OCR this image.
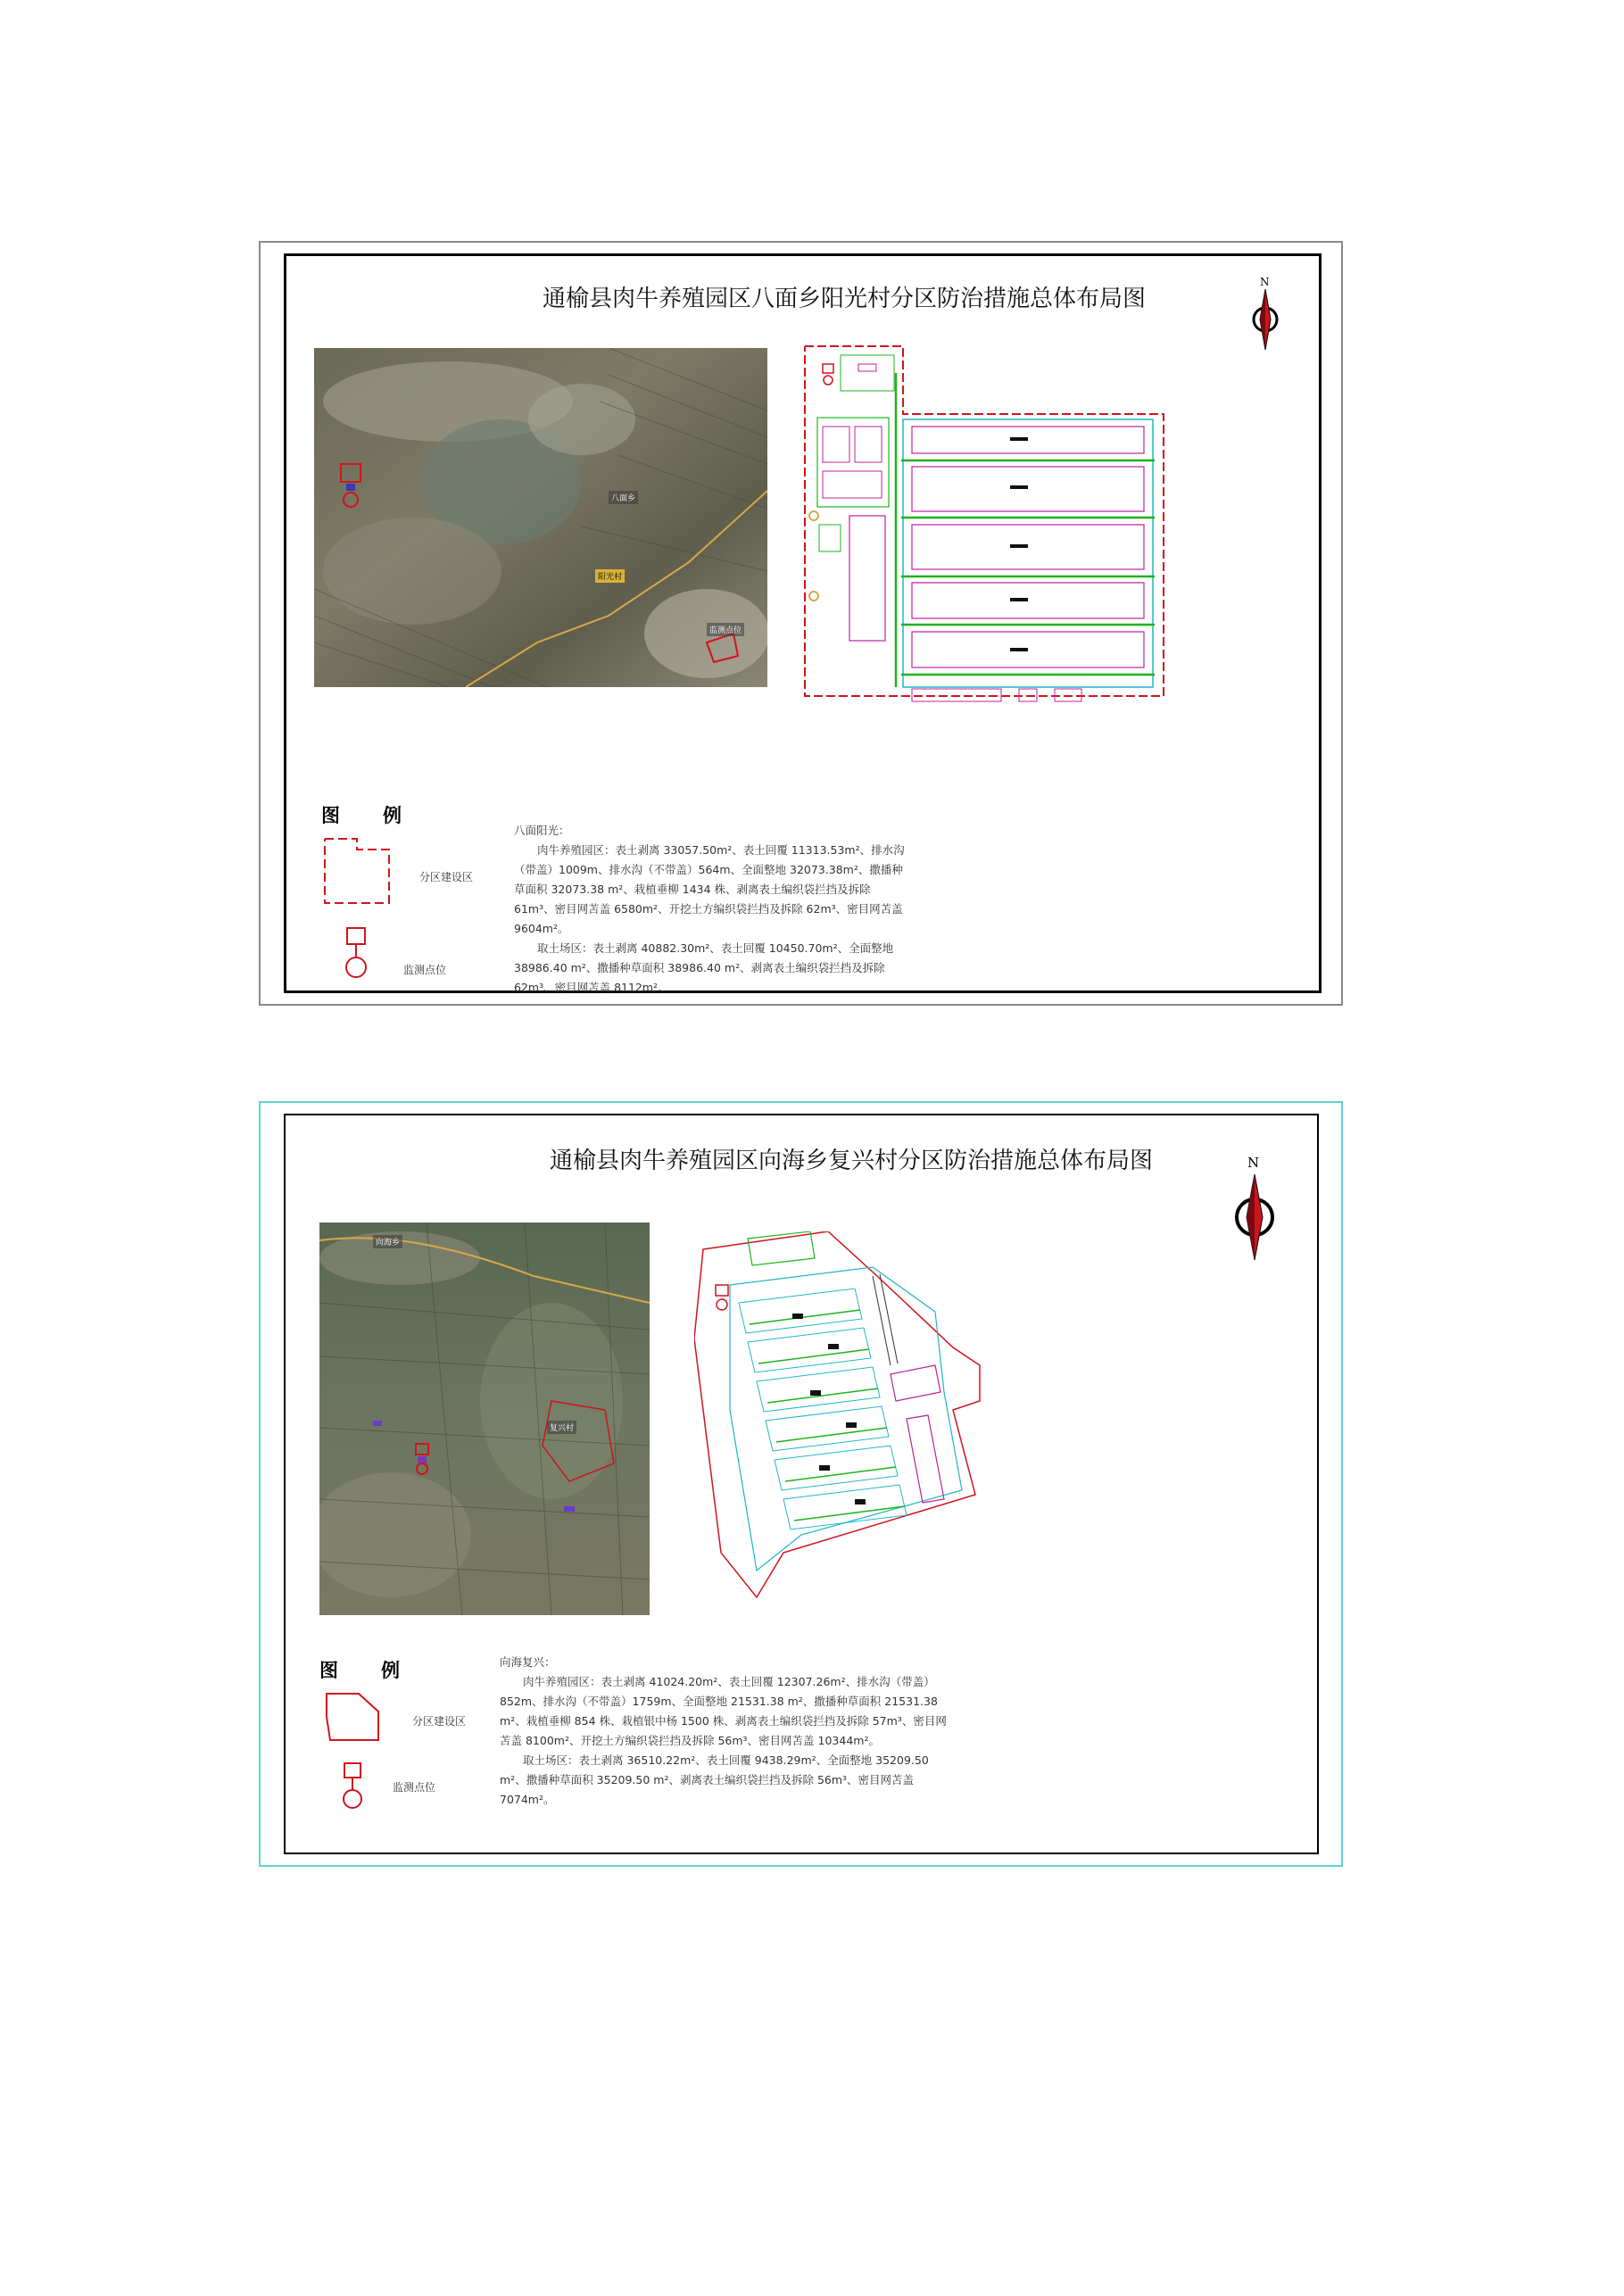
通榆县肉牛养殖园区八面乡阳光村分区防治措施总体布局图
N
八面乡
阳光村
监测点位
图　　例
分区建设区
监测点位

八面阳光：

肉牛养殖园区：表土剥离 33057.50m²、表土回覆 11313.53m²、排水沟（带盖）1009m、排水沟（不带盖）564m、全面整地 32073.38m²、撒播种草面积 32073.38 m²、栽植垂柳 1434 株、剥离表土编织袋拦挡及拆除 61m³、密目网苫盖 6580m²、开挖土方编织袋拦挡及拆除 62m³、密目网苫盖 9604m²。

取土场区：表土剥离 40882.30m²、表土回覆 10450.70m²、全面整地 38986.40 m²、撒播种草面积 38986.40 m²、剥离表土编织袋拦挡及拆除 62m³、密目网苫盖 8112m²。

通榆县肉牛养殖园区向海乡复兴村分区防治措施总体布局图	N
向海乡
复兴村
图　　例
分区建设区
监测点位

向海复兴：

肉牛养殖园区：表土剥离 41024.20m²、表土回覆 12307.26m²、排水沟（带盖）852m、排水沟（不带盖）1759m、全面整地 21531.38 m²、撒播种草面积 21531.38 m²、栽植垂柳 854 株、栽植银中杨 1500 株、剥离表土编织袋拦挡及拆除 57m³、密目网苫盖 8100m²、开挖土方编织袋拦挡及拆除 56m³、密目网苫盖 10344m²。

取土场区：表土剥离 36510.22m²、表土回覆 9438.29m²、全面整地 35209.50 m²、撒播种草面积 35209.50 m²、剥离表土编织袋拦挡及拆除 56m³、密目网苫盖 7074m²。
